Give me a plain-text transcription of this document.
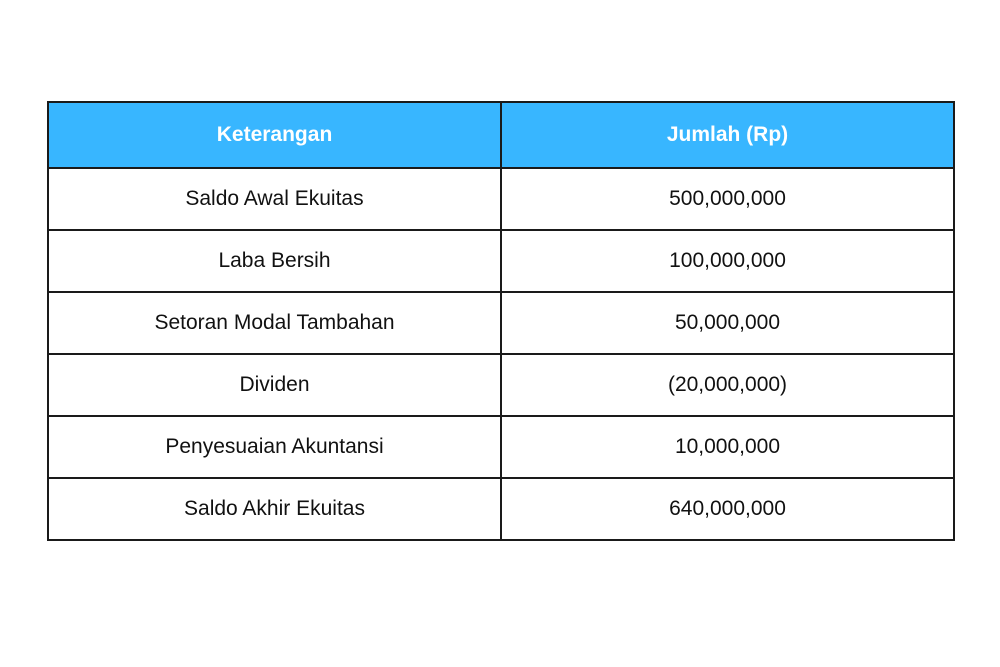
Keterangan	Jumlah (Rp)
Saldo Awal Ekuitas	500,000,000
Laba Bersih	100,000,000
Setoran Modal Tambahan	50,000,000
Dividen	(20,000,000)
Penyesuaian Akuntansi	10,000,000
Saldo Akhir Ekuitas	640,000,000
